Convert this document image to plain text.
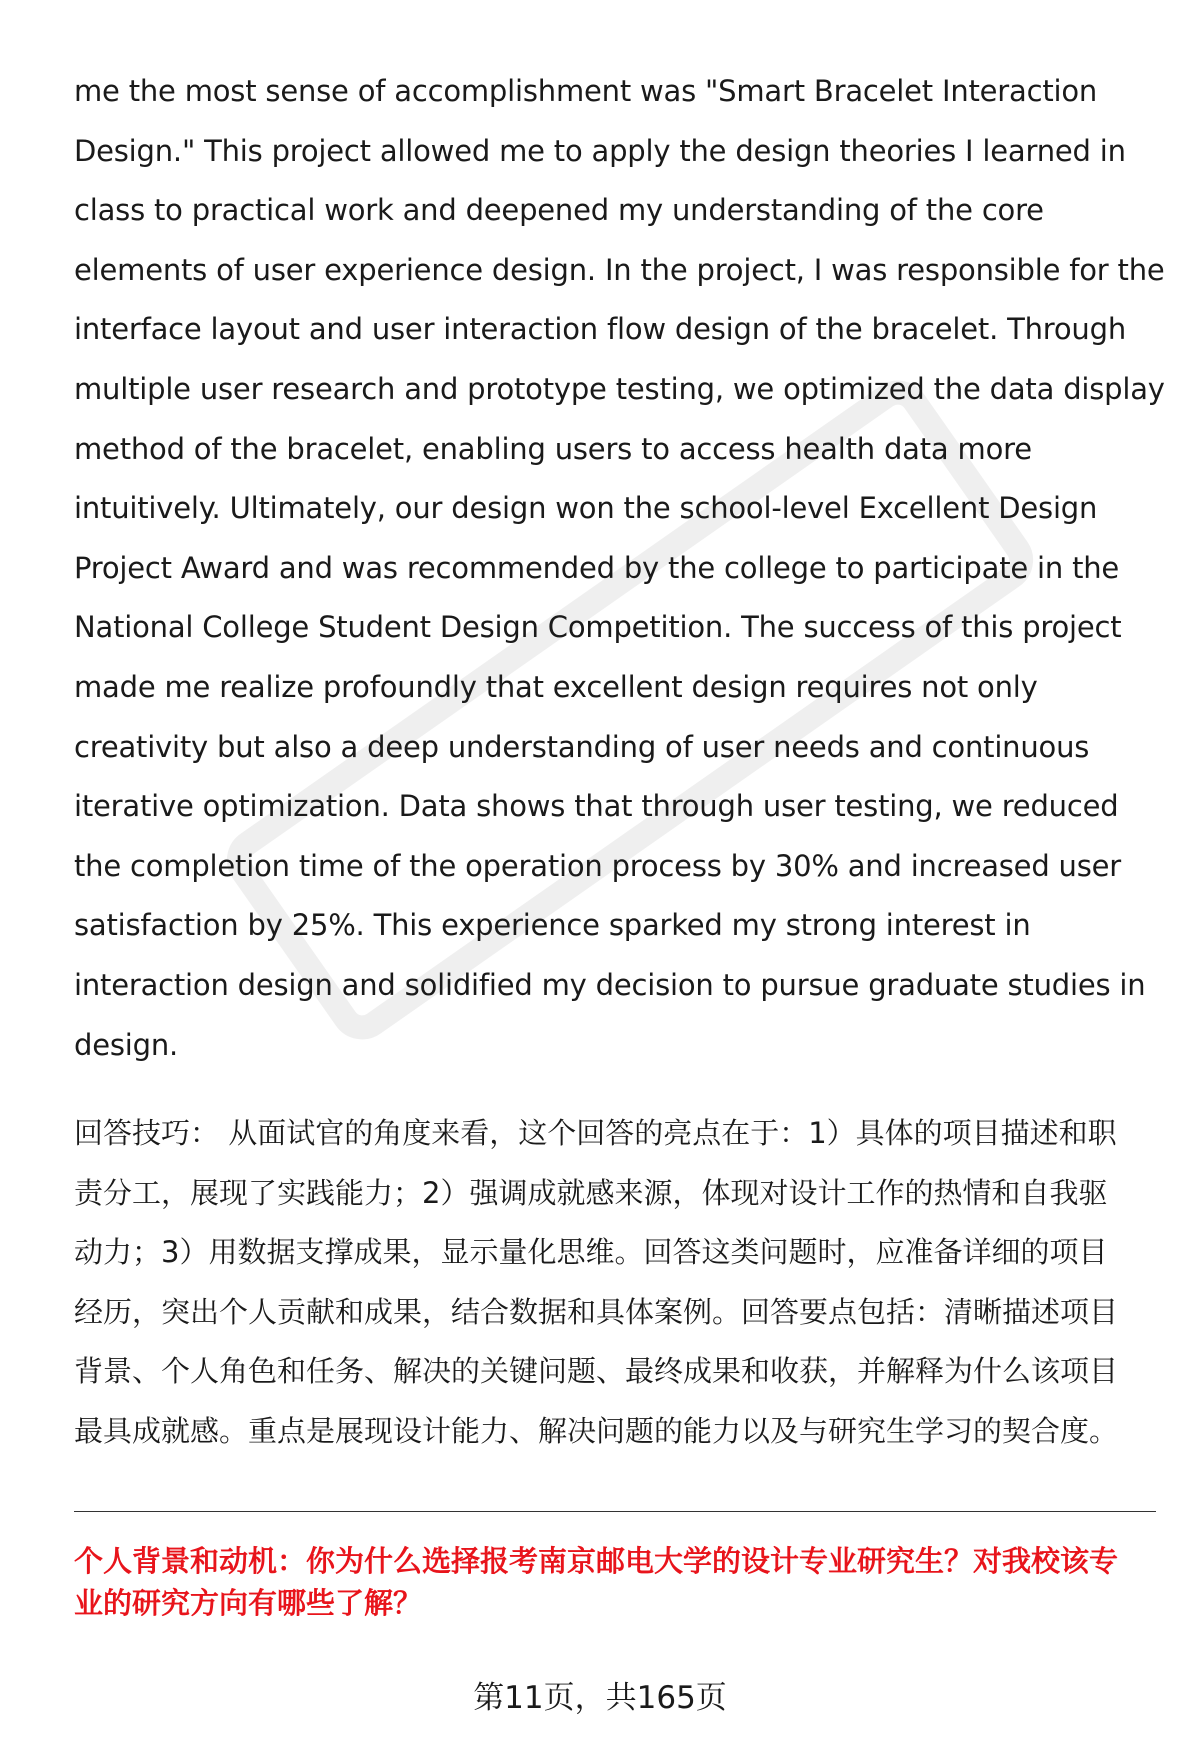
me the most sense of accomplishment was "Smart Bracelet Interaction
Design." This project allowed me to apply the design theories I learned in
class to practical work and deepened my understanding of the core
elements of user experience design. In the project, I was responsible for the
interface layout and user interaction flow design of the bracelet. Through
multiple user research and prototype testing, we optimized the data display
method of the bracelet, enabling users to access health data more
intuitively. Ultimately, our design won the school-level Excellent Design
Project Award and was recommended by the college to participate in the
National College Student Design Competition. The success of this project
made me realize profoundly that excellent design requires not only
creativity but also a deep understanding of user needs and continuous
iterative optimization. Data shows that through user testing, we reduced
the completion time of the operation process by 30% and increased user
satisfaction by 25%. This experience sparked my strong interest in
interaction design and solidified my decision to pursue graduate studies in
design.
回答技巧： 从面试官的角度来看，这个回答的亮点在于：1）具体的项目描述和职
责分工，展现了实践能力；2）强调成就感来源，体现对设计工作的热情和自我驱
动力；3）用数据支撑成果，显示量化思维。回答这类问题时，应准备详细的项目
经历，突出个人贡献和成果，结合数据和具体案例。回答要点包括：清晰描述项目
背景、个人角色和任务、解决的关键问题、最终成果和收获，并解释为什么该项目
最具成就感。重点是展现设计能力、解决问题的能力以及与研究生学习的契合度。
个人背景和动机：你为什么选择报考南京邮电大学的设计专业研究生？对我校该专
业的研究方向有哪些了解？
第11页，共165页
